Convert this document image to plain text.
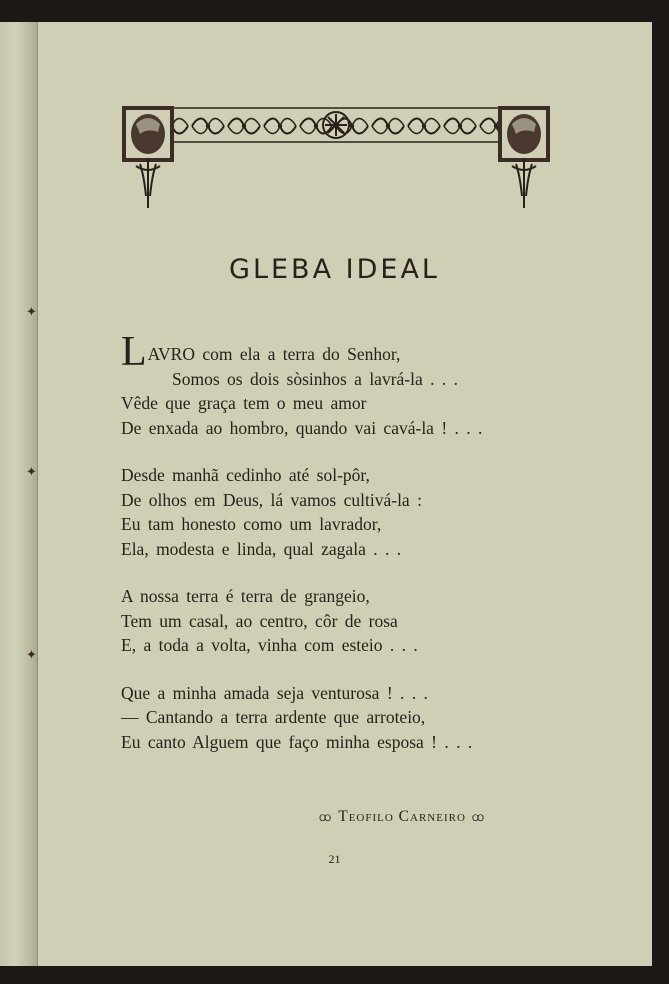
✦
✦
✦
GLEBA IDEAL
LAVRO com ela a terra do Senhor,
Somos os dois sòsinhos a lavrá-la . . .
Vêde que graça tem o meu amor
De enxada ao hombro, quando vai cavá-la ! . . .
Desde manhã cedinho até sol-pôr,
De olhos em Deus, lá vamos cultivá-la :
Eu tam honesto como um lavrador,
Ela, modesta e linda, qual zagala . . .
A nossa terra é terra de grangeio,
Tem um casal, ao centro, côr de rosa
E, a toda a volta, vinha com esteio . . .
Que a minha amada seja venturosa ! . . .
— Cantando a terra ardente que arroteio,
Eu canto Alguem que faço minha esposa ! . . .
ꝏ Teofilo Carneiro ꝏ
21
